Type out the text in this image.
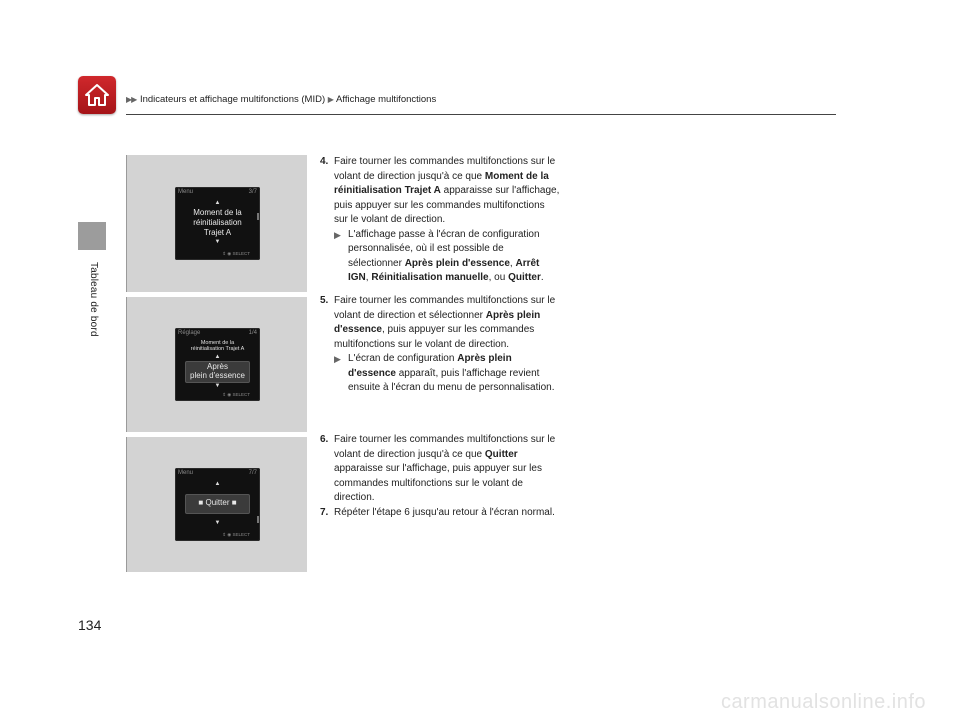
▶▶ Indicateurs et affichage multifonctions (MID) ▶ Affichage multifonctions
Tableau de bord
Menu	3/7
▲
Moment de la
réinitialisation
Trajet A
▼
⇕ ◉ SELECT
Réglage	1/4
Moment de la
réinitialisation Trajet A
▲
Après
plein d'essence
▼
⇕ ◉ SELECT
Menu	7/7
▲
■ Quitter ■
▼
⇕ ◉ SELECT
4. Faire tourner les commandes multifonctions sur le volant de direction jusqu'à ce que Moment de la réinitialisation Trajet A apparaisse sur l'affichage, puis appuyer sur les commandes multifonctions sur le volant de direction.
▶ L'affichage passe à l'écran de configuration personnalisée, où il est possible de sélectionner Après plein d'essence, Arrêt IGN, Réinitialisation manuelle, ou Quitter.
5. Faire tourner les commandes multifonctions sur le volant de direction et sélectionner Après plein d'essence, puis appuyer sur les commandes multifonctions sur le volant de direction.
▶ L'écran de configuration Après plein d'essence apparaît, puis l'affichage revient ensuite à l'écran du menu de personnalisation.
6. Faire tourner les commandes multifonctions sur le volant de direction jusqu'à ce que Quitter apparaisse sur l'affichage, puis appuyer sur les commandes multifonctions sur le volant de direction.
7. Répéter l'étape 6 jusqu'au retour à l'écran normal.
134
carmanualsonline.info
